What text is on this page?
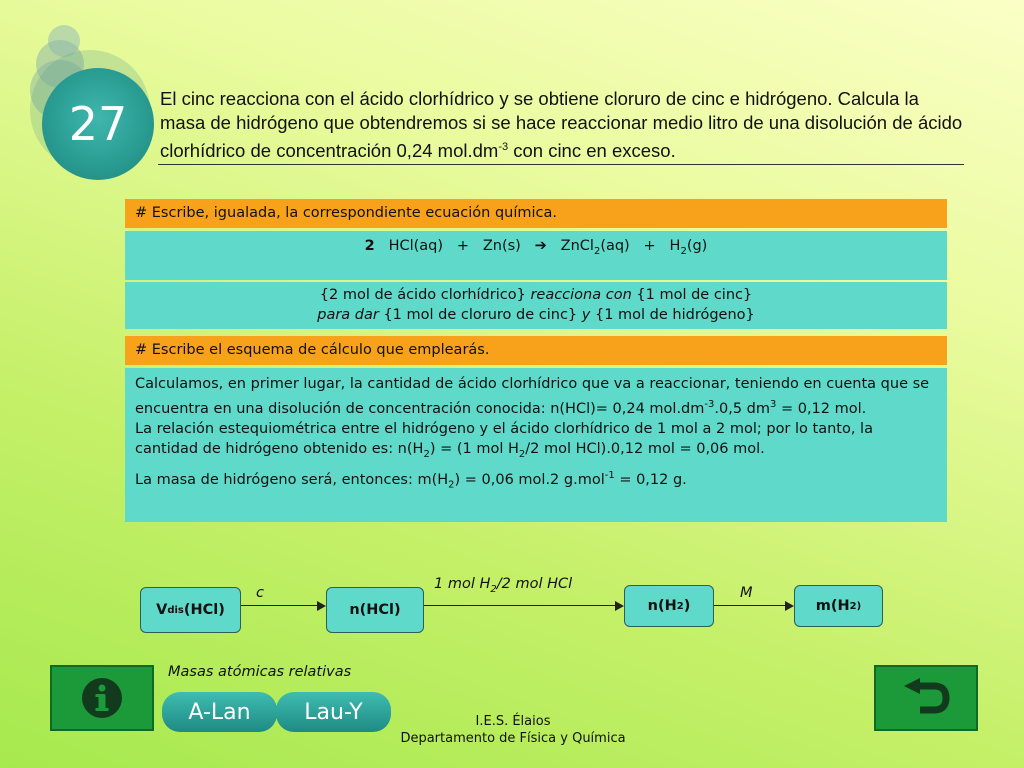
27	El cinc reacciona con el ácido clorhídrico y se obtiene cloruro de cinc e hidrógeno. Calcula la masa de hidrógeno que obtendremos si se hace reaccionar medio litro de una disolución de ácido clorhídrico de concentración 0,24 $mol.dm^{-3}$ con cinc en exceso.
# Escribe, igualada, la correspondiente ecuación química.
2 HCl(aq) + Zn(s) ➔ ZnCl$_2$(aq) + $H_2(g)$
{2 mol de ácido clorhídrico} reacciona con {1 mol de cinc}
para dar {1 mol de cloruro de cinc} y {1 mol de hidrógeno}
# Escribe el esquema de cálculo que emplearás.
Calculamos, en primer lugar, la cantidad de ácido clorhídrico que va a reaccionar, teniendo en cuenta que se encuentra en una disolución de concentración conocida: n(HCl)= 0,24 $mol.dm^{-3}.0,5$ $dm^3 = 0,12$ mol.
La relación estequiométrica entre el hidrógeno y el ácido clorhídrico de 1 mol a 2 mol; por lo tanto, la cantidad de hidrógeno obtenido es: $n(H_2) = (1$ mol $H_2/2$ mol HCl).0,12 mol = 0,06 mol.
La masa de hidrógeno será, entonces: $m(H_2) = 0,06$ mol.2 g.mol$^{-1}$ = 0,12 g.
V dis (HCl)	n(HCl)	n(H 2 )	m(H 2)
c
1 mol $H_2/2$ mol HCl
M
Masas atómicas relativas
A-Lan	Lau-Y	I.E.S. Élaios
Departamento de Física y Química
